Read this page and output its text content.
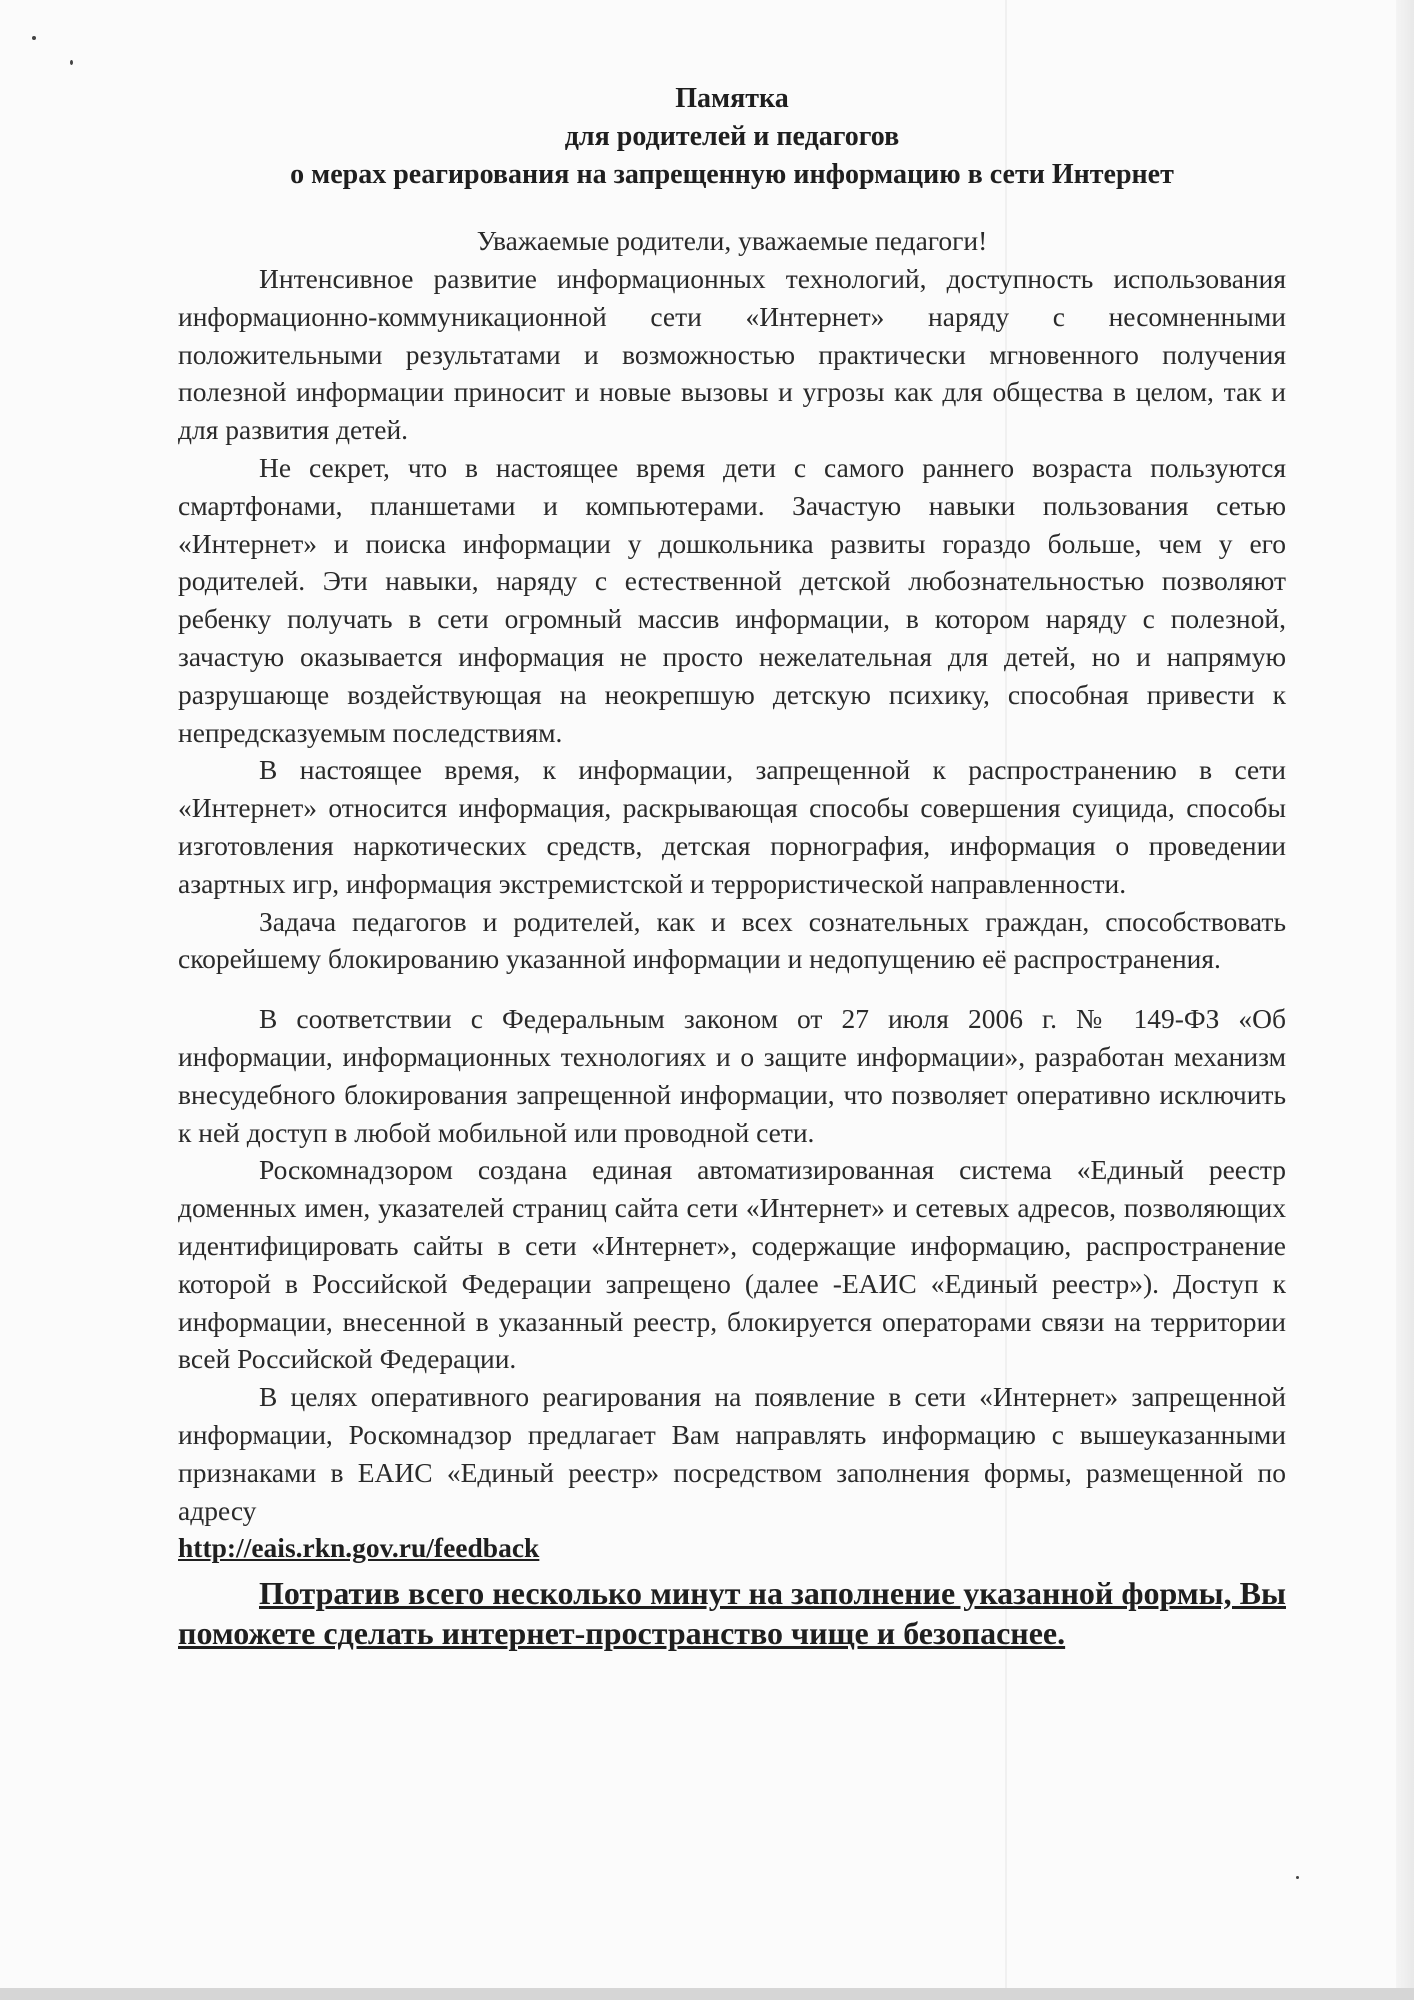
Памятка
для родителей и педагогов
о мерах реагирования на запрещенную информацию в сети Интернет

Уважаемые родители, уважаемые педагоги!

Интенсивное развитие информационных технологий, доступность использования информационно-коммуникационной сети «Интернет» наряду с несомненными положительными результатами и возможностью практически мгновенного получения полезной информации приносит и новые вызовы и угрозы как для общества в целом, так и для развития детей.

Не секрет, что в настоящее время дети с самого раннего возраста пользуются смартфонами, планшетами и компьютерами. Зачастую навыки пользования сетью «Интернет» и поиска информации у дошкольника развиты гораздо больше, чем у его родителей. Эти навыки, наряду с естественной детской любознательностью позволяют ребенку получать в сети огромный массив информации, в котором наряду с полезной, зачастую оказывается информация не просто нежелательная для детей, но и напрямую разрушающе воздействующая на неокрепшую детскую психику, способная привести к непредсказуемым последствиям.

В настоящее время, к информации, запрещенной к распространению в сети «Интернет» относится информация, раскрывающая способы совершения суицида, способы изготовления наркотических средств, детская порнография, информация о проведении азартных игр, информация экстремистской и террористической направленности.

Задача педагогов и родителей, как и всех сознательных граждан, способствовать скорейшему блокированию указанной информации и недопущению её распространения.

В соответствии с Федеральным законом от 27 июля 2006 г. № 149-ФЗ «Об информации, информационных технологиях и о защите информации», разработан механизм внесудебного блокирования запрещенной информации, что позволяет оперативно исключить к ней доступ в любой мобильной или проводной сети.

Роскомнадзором создана единая автоматизированная система «Единый реестр доменных имен, указателей страниц сайта сети «Интернет» и сетевых адресов, позволяющих идентифицировать сайты в сети «Интернет», содержащие информацию, распространение которой в Российской Федерации запрещено (далее -ЕАИС «Единый реестр»). Доступ к информации, внесенной в указанный реестр, блокируется операторами связи на территории всей Российской Федерации.

В целях оперативного реагирования на появление в сети «Интернет» запрещенной информации, Роскомнадзор предлагает Вам направлять информацию с вышеуказанными признаками в ЕАИС «Единый реестр» посредством заполнения формы, размещенной по адресу

http://eais.rkn.gov.ru/feedback

Потратив всего несколько минут на заполнение указанной формы, Вы поможете сделать интернет-пространство чище и безопаснее.
